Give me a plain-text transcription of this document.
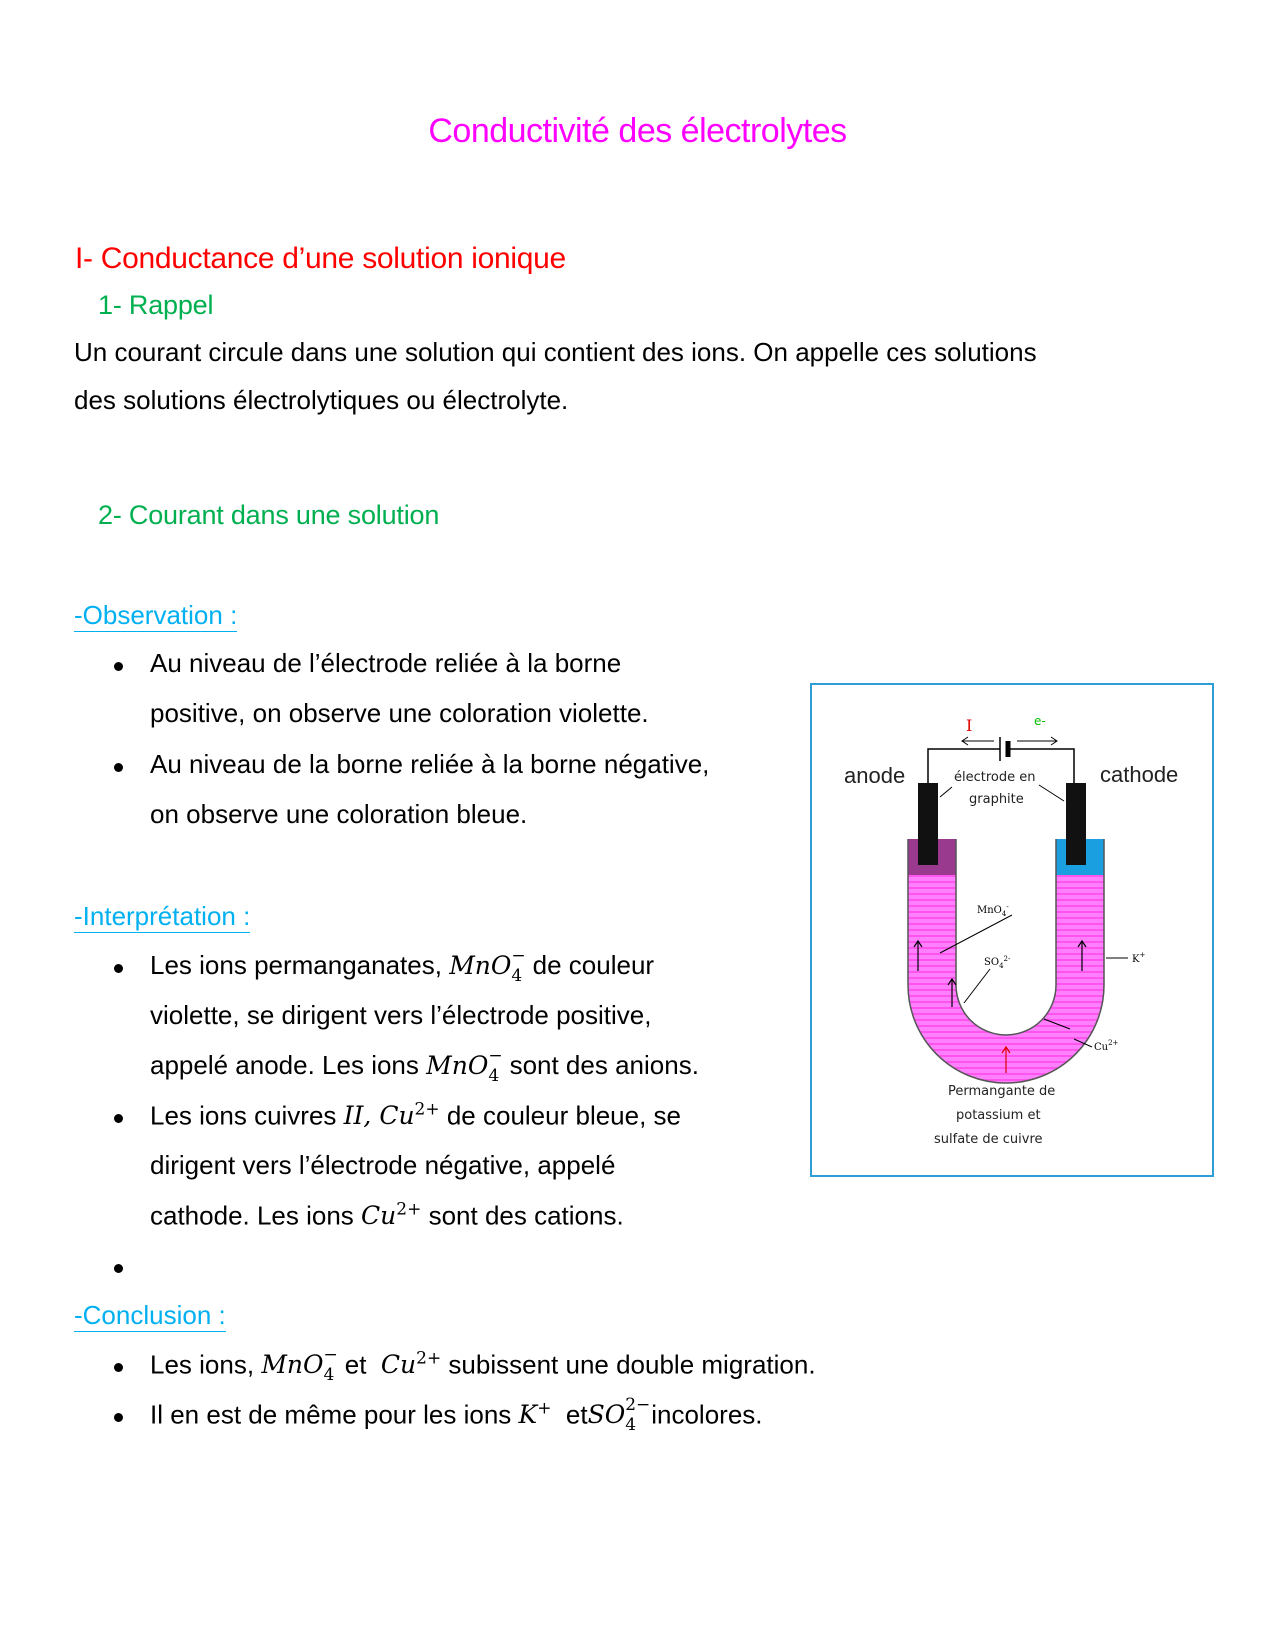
Conductivité des électrolytes
I- Conductance d’une solution ionique
1- Rappel
Un courant circule dans une solution qui contient des ions. On appelle ces solutions
des solutions électrolytiques ou électrolyte.
2- Courant dans une solution
-Observation :
Au niveau de l’électrode reliée à la borne
positive, on observe une coloration violette.
Au niveau de la borne reliée à la borne négative,
on observe une coloration bleue.
-Interprétation :
Les ions permanganates, MnO −
4 de couleur
violette, se dirigent vers l’électrode positive,
appelé anode. Les ions MnO −
4 sont des anions.
Les ions cuivres II, $Cu^{2+}$ de couleur bleue, se
dirigent vers l’électrode négative, appelé
cathode. Les ions $Cu^{2+}$ sont des cations.
-Conclusion :
Les ions, MnO −
4 et $Cu^{2+}$ subissent une double migration.
Il en est de même pour les ions K+ etSO 2−
4 incolores.
I	e-
anode	cathode
électrode en
graphite
MnO$_4$-
$SO_4^{2-}$	K+
$Cu^{2+}$
Permangante de
potassium et
sulfate de cuivre
